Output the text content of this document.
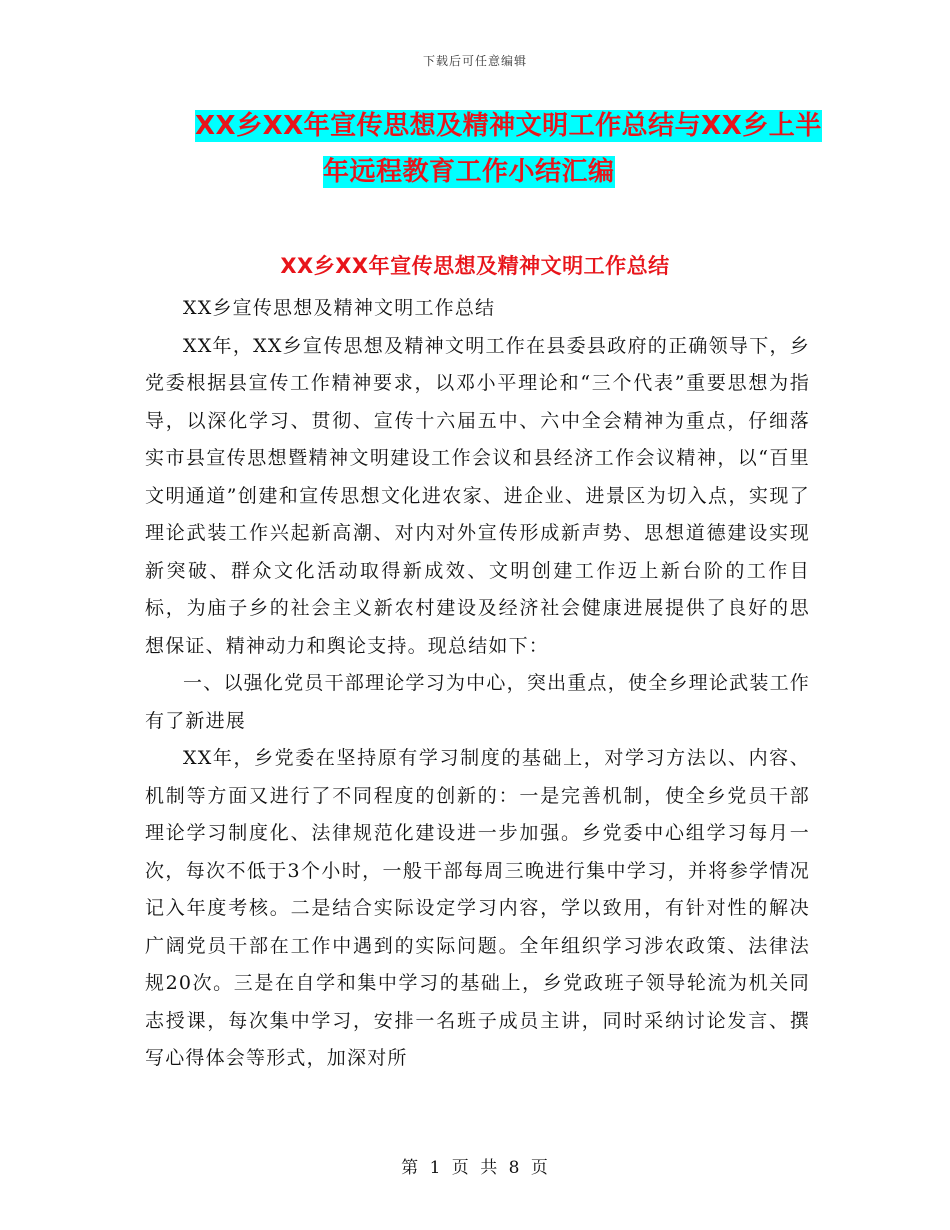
下载后可任意编辑
XX乡XX年宣传思想及精神文明工作总结与XX乡上半
年远程教育工作小结汇编
XX乡XX年宣传思想及精神文明工作总结

XX乡宣传思想及精神文明工作总结

XX年，XX乡宣传思想及精神文明工作在县委县政府的正确领导下，乡党委根据县宣传工作精神要求，以邓小平理论和“三个代表”重要思想为指导，以深化学习、贯彻、宣传十六届五中、六中全会精神为重点，仔细落实市县宣传思想暨精神文明建设工作会议和县经济工作会议精神，以“百里文明通道”创建和宣传思想文化进农家、进企业、进景区为切入点，实现了理论武装工作兴起新高潮、对内对外宣传形成新声势、思想道德建设实现新突破、群众文化活动取得新成效、文明创建工作迈上新台阶的工作目标，为庙子乡的社会主义新农村建设及经济社会健康进展提供了良好的思想保证、精神动力和舆论支持。现总结如下：

一、以强化党员干部理论学习为中心，突出重点，使全乡理论武装工作有了新进展

XX年，乡党委在坚持原有学习制度的基础上，对学习方法以、内容、机制等方面又进行了不同程度的创新的：一是完善机制，使全乡党员干部理论学习制度化、法律规范化建设进一步加强。乡党委中心组学习每月一次，每次不低于3个小时，一般干部每周三晚进行集中学习，并将参学情况记入年度考核。二是结合实际设定学习内容，学以致用，有针对性的解决广阔党员干部在工作中遇到的实际问题。全年组织学习涉农政策、法律法规20次。三是在自学和集中学习的基础上，乡党政班子领导轮流为机关同志授课，每次集中学习，安排一名班子成员主讲，同时采纳讨论发言、撰写心得体会等形式，加深对所

第 1 页 共 8 页
